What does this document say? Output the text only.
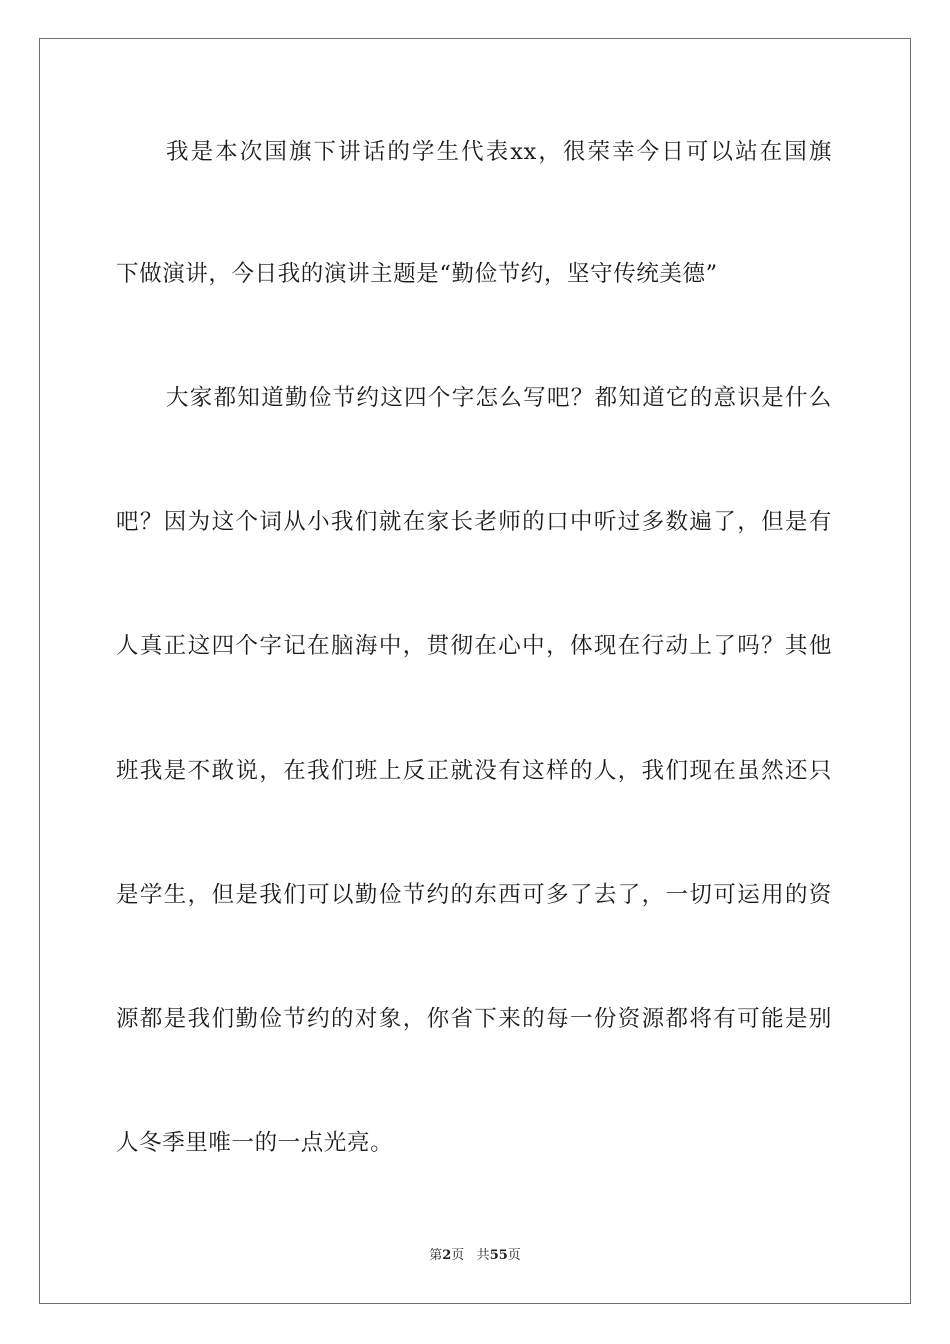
我是本次国旗下讲话的学生代表xx，很荣幸今日可以站在国旗
下做演讲，今日我的演讲主题是“勤俭节约，坚守传统美德”
大家都知道勤俭节约这四个字怎么写吧？都知道它的意识是什么
吧？因为这个词从小我们就在家长老师的口中听过多数遍了，但是有
人真正这四个字记在脑海中，贯彻在心中，体现在行动上了吗？其他
班我是不敢说，在我们班上反正就没有这样的人，我们现在虽然还只
是学生，但是我们可以勤俭节约的东西可多了去了，一切可运用的资
源都是我们勤俭节约的对象，你省下来的每一份资源都将有可能是别
人冬季里唯一的一点光亮。
第2页 共55页
